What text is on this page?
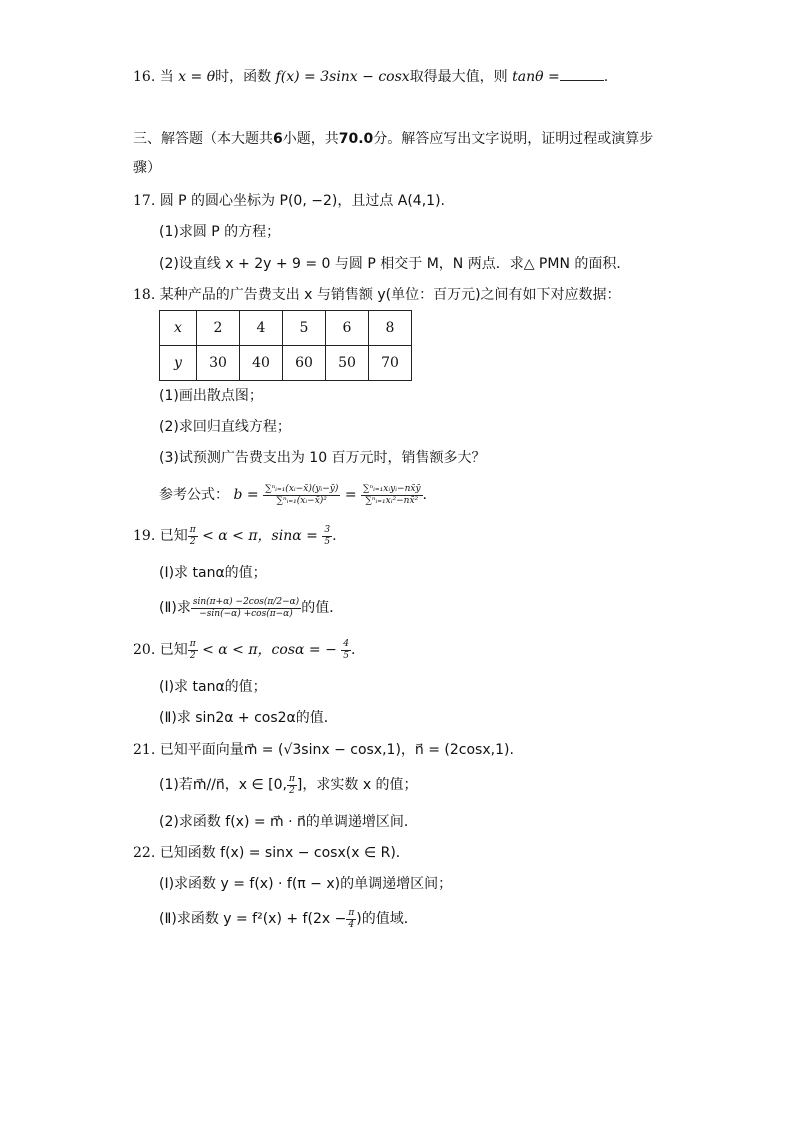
16. 当 x = θ时，函数 f(x) = 3sinx − cosx取得最大值，则 tanθ =	.
三、解答题（本大题共6小题，共70.0分。解答应写出文字说明，证明过程或演算步
骤）
17. 圆 P 的圆心坐标为 P(0, −2)，且过点 A(4,1).
(1)求圆 P 的方程；
(2)设直线 x + 2y + 9 = 0 与圆 P 相交于 M，N 两点．求△ PMN 的面积．
18. 某种产品的广告费支出 x 与销售额 y(单位：百万元)之间有如下对应数据：
x	2	4	5	6	8
y	30	40	60	50	70
(1)画出散点图；
(2)求回归直线方程；
(3)试预测广告费支出为 10 百万元时，销售额多大？
参考公式： $b = \frac{\text{∑ⁿᵢ₌₁(xᵢ−x̄)(yᵢ−ȳ)}}{\text{∑ⁿᵢ₌₁(xᵢ−x̄)²}} = \frac{\text{∑ⁿᵢ₌₁xᵢyᵢ−nx̄ȳ}}{\text{∑ⁿᵢ₌₁xᵢ²−nx̄²}}$ .
19. 已知 $\frac{\pi}{2} < \alpha < \pi$，$\sin\alpha = \frac{3}{5}$ .
(Ⅰ)求 tanα的值；
(Ⅱ)求 $\frac{\sin(\pi+\alpha) -2\cos(\pi/2-\alpha)}{-\sin(-\alpha) +\cos(\pi-\alpha)}$ 的值．
20. 已知 $\frac{\pi}{2} < \alpha < \pi$，cosα = − $\frac{4}{5}$ .
(Ⅰ)求 tanα的值；
(Ⅱ)求 sin2α + cos2α的值．
21. 已知平面向量m⃗ = (√3sinx − cosx,1)，n⃗ = (2cosx,1).
(1)若m⃗//n⃗，x ∈ [0, $\frac{\pi}{2}$ ]，求实数 x 的值；
(2)求函数 f(x) = m⃗ · n⃗的单调递增区间．
22. 已知函数 f(x) = sinx − cosx(x ∈ R)．
(Ⅰ)求函数 y = f(x) · f(π − x)的单调递增区间；
(Ⅱ)求函数 $y = f^2(x) + f(2x - \frac{\pi}{4}$ )的值域．
